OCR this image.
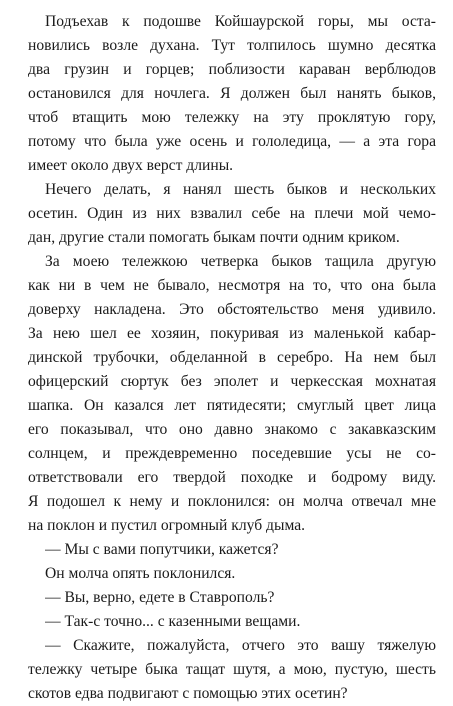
Подъехав к подошве Койшаурской горы, мы оста-
новились возле духана. Тут толпилось шумно десятка
два грузин и горцев; поблизости караван верблюдов
остановился для ночлега. Я должен был нанять быков,
чтоб втащить мою тележку на эту проклятую гору,
потому что была уже осень и гололедица, — а эта гора
имеет около двух верст длины.
Нечего делать, я нанял шесть быков и нескольких
осетин. Один из них взвалил себе на плечи мой чемо-
дан, другие стали помогать быкам почти одним криком.
За моею тележкою четверка быков тащила другую
как ни в чем не бывало, несмотря на то, что она была
доверху накладена. Это обстоятельство меня удивило.
За нею шел ее хозяин, покуривая из маленькой кабар-
динской трубочки, обделанной в серебро. На нем был
офицерский сюртук без эполет и черкесская мохнатая
шапка. Он казался лет пятидесяти; смуглый цвет лица
его показывал, что оно давно знакомо с закавказским
солнцем, и преждевременно поседевшие усы не со-
ответствовали его твердой походке и бодрому виду.
Я подошел к нему и поклонился: он молча отвечал мне
на поклон и пустил огромный клуб дыма.
— Мы с вами попутчики, кажется?
Он молча опять поклонился.
— Вы, верно, едете в Ставрополь?
— Так-с точно... с казенными вещами.
— Скажите, пожалуйста, отчего это вашу тяжелую
тележку четыре быка тащат шутя, а мою, пустую, шесть
скотов едва подвигают с помощью этих осетин?
